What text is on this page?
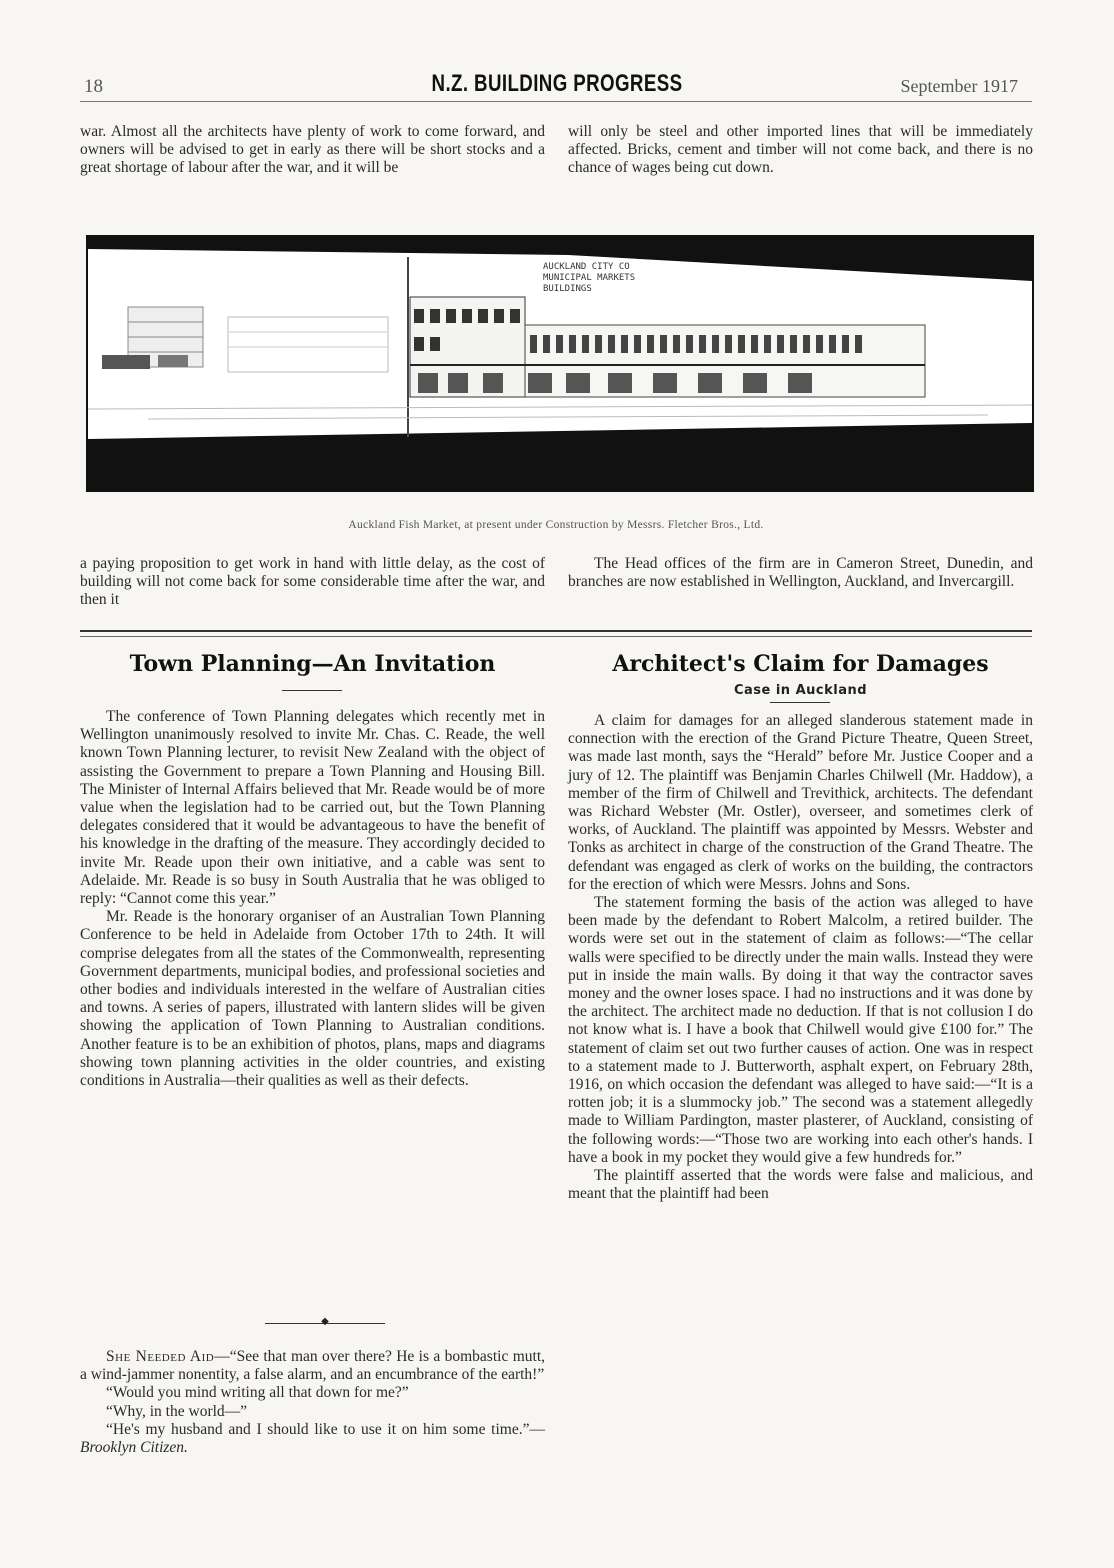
18	N.Z. BUILDING PROGRESS	September 1917

war. Almost all the architects have plenty of work to come forward, and owners will be advised to get in early as there will be short stocks and a great shortage of labour after the war, and it will be

will only be steel and other imported lines that will be immediately affected. Bricks, cement and timber will not come back, and there is no chance of wages being cut down.

AUCKLAND CITY CO
MUNICIPAL MARKETS
BUILDINGS
Auckland Fish Market, at present under Construction by Messrs. Fletcher Bros., Ltd.

a paying proposition to get work in hand with little delay, as the cost of building will not come back for some considerable time after the war, and then it

The Head offices of the firm are in Cameron Street, Dunedin, and branches are now established in Wellington, Auckland, and Invercargill.

Town Planning—An Invitation

The conference of Town Planning delegates which recently met in Wellington unanimously resolved to invite Mr. Chas. C. Reade, the well known Town Planning lecturer, to revisit New Zealand with the object of assisting the Government to prepare a Town Planning and Housing Bill. The Minister of Internal Affairs believed that Mr. Reade would be of more value when the legislation had to be carried out, but the Town Planning delegates considered that it would be advantageous to have the benefit of his knowledge in the drafting of the measure. They accordingly decided to invite Mr. Reade upon their own initiative, and a cable was sent to Adelaide. Mr. Reade is so busy in South Australia that he was obliged to reply: “Cannot come this year.”

Mr. Reade is the honorary organiser of an Australian Town Planning Conference to be held in Adelaide from October 17th to 24th. It will comprise delegates from all the states of the Commonwealth, representing Government departments, municipal bodies, and professional societies and other bodies and individuals interested in the welfare of Australian cities and towns. A series of papers, illustrated with lantern slides will be given showing the application of Town Planning to Australian conditions. Another feature is to be an exhibition of photos, plans, maps and diagrams showing town planning activities in the older countries, and existing conditions in Australia—their qualities as well as their defects.

◆

She Needed Aid—“See that man over there? He is a bombastic mutt, a wind-jammer nonentity, a false alarm, and an encumbrance of the earth!”

“Would you mind writing all that down for me?”

“Why, in the world—”

“He's my husband and I should like to use it on him some time.”—Brooklyn Citizen.

Architect's Claim for Damages
Case in Auckland

A claim for damages for an alleged slanderous statement made in connection with the erection of the Grand Picture Theatre, Queen Street, was made last month, says the “Herald” before Mr. Justice Cooper and a jury of 12. The plaintiff was Benjamin Charles Chilwell (Mr. Haddow), a member of the firm of Chilwell and Trevithick, architects. The defendant was Richard Webster (Mr. Ostler), overseer, and sometimes clerk of works, of Auckland. The plaintiff was appointed by Messrs. Webster and Tonks as architect in charge of the construction of the Grand Theatre. The defendant was engaged as clerk of works on the building, the contractors for the erection of which were Messrs. Johns and Sons.

The statement forming the basis of the action was alleged to have been made by the defendant to Robert Malcolm, a retired builder. The words were set out in the statement of claim as follows:—“The cellar walls were specified to be directly under the main walls. Instead they were put in inside the main walls. By doing it that way the contractor saves money and the owner loses space. I had no instructions and it was done by the architect. The architect made no deduction. If that is not collusion I do not know what is. I have a book that Chilwell would give £100 for.” The statement of claim set out two further causes of action. One was in respect to a statement made to J. Butterworth, asphalt expert, on February 28th, 1916, on which occasion the defendant was alleged to have said:—“It is a rotten job; it is a slummocky job.” The second was a statement allegedly made to William Pardington, master plasterer, of Auckland, consisting of the following words:—“Those two are working into each other's hands. I have a book in my pocket they would give a few hundreds for.”

The plaintiff asserted that the words were false and malicious, and meant that the plaintiff had been
